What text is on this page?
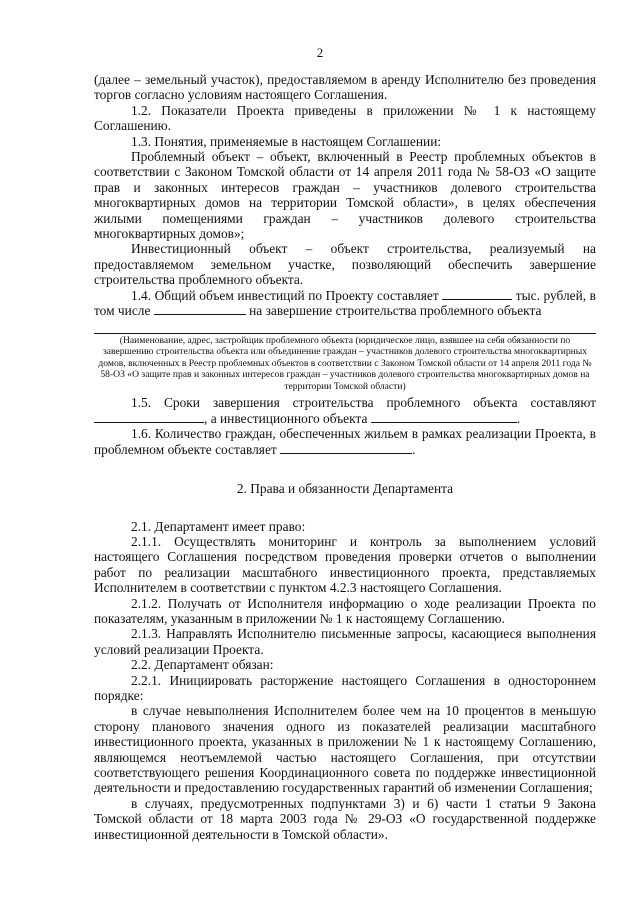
2

(далее – земельный участок), предоставляемом в аренду Исполнителю без проведения торгов согласно условиям настоящего Соглашения.

1.2. Показатели Проекта приведены в приложении № 1 к настоящему Соглашению.

1.3. Понятия, применяемые в настоящем Соглашении:

Проблемный объект – объект, включенный в Реестр проблемных объектов в соответствии с Законом Томской области от 14 апреля 2011 года № 58-ОЗ «О защите прав и законных интересов граждан – участников долевого строительства многоквартирных домов на территории Томской области», в целях обеспечения жилыми помещениями граждан – участников долевого строительства многоквартирных домов»;

Инвестиционный объект – объект строительства, реализуемый на предоставляемом земельном участке, позволяющий обеспечить завершение строительства проблемного объекта.

1.4. Общий объем инвестиций по Проекту составляет	тыс. рублей, в том числе	на завершение строительства проблемного объекта

(Наименование, адрес, застройщик проблемного объекта (юридическое лицо, взявшее на себя обязанности по завершению строительства объекта или объединение граждан – участников долевого строительства многоквартирных домов, включенных в Реестр проблемных объектов в соответствии с Законом Томской области от 14 апреля 2011 года № 58-ОЗ «О защите прав и законных интересов граждан – участников долевого строительства многоквартирных домов на территории Томской области)

1.5. Сроки завершения строительства проблемного объекта составляют , а инвестиционного объекта	.

1.6. Количество граждан, обеспеченных жильем в рамках реализации Проекта, в проблемном объекте составляет	.

2. Права и обязанности Департамента

2.1. Департамент имеет право:

2.1.1. Осуществлять мониторинг и контроль за выполнением условий настоящего Соглашения посредством проведения проверки отчетов о выполнении работ по реализации масштабного инвестиционного проекта, представляемых Исполнителем в соответствии с пунктом 4.2.3 настоящего Соглашения.

2.1.2. Получать от Исполнителя информацию о ходе реализации Проекта по показателям, указанным в приложении № 1 к настоящему Соглашению.

2.1.3. Направлять Исполнителю письменные запросы, касающиеся выполнения условий реализации Проекта.

2.2. Департамент обязан:

2.2.1. Инициировать расторжение настоящего Соглашения в одностороннем порядке:

в случае невыполнения Исполнителем более чем на 10 процентов в меньшую сторону планового значения одного из показателей реализации масштабного инвестиционного проекта, указанных в приложении № 1 к настоящему Соглашению, являющемся неотъемлемой частью настоящего Соглашения, при отсутствии соответствующего решения Координационного совета по поддержке инвестиционной деятельности и предоставлению государственных гарантий об изменении Соглашения;

в случаях, предусмотренных подпунктами 3) и 6) части 1 статьи 9 Закона Томской области от 18 марта 2003 года № 29-ОЗ «О государственной поддержке инвестиционной деятельности в Томской области».
